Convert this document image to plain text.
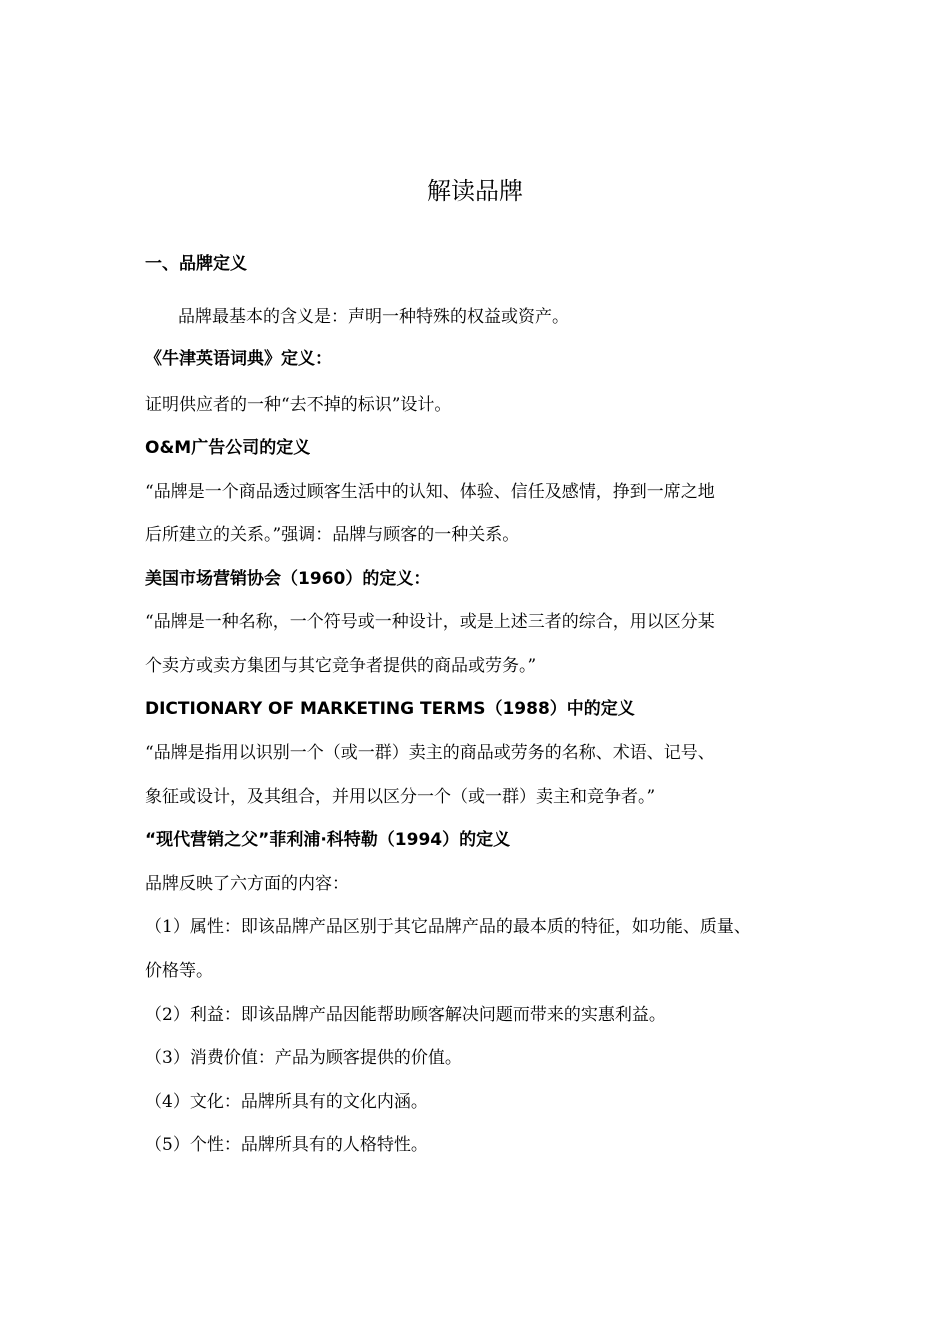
解读品牌
一、品牌定义
品牌最基本的含义是：声明一种特殊的权益或资产。
《牛津英语词典》定义：
证明供应者的一种“去不掉的标识”设计。
O&M广告公司的定义
“品牌是一个商品透过顾客生活中的认知、体验、信任及感情，挣到一席之地
后所建立的关系。”强调：品牌与顾客的一种关系。
美国市场营销协会（1960）的定义：
“品牌是一种名称，一个符号或一种设计，或是上述三者的综合，用以区分某
个卖方或卖方集团与其它竞争者提供的商品或劳务。”
DICTIONARY OF MARKETING TERMS（1988）中的定义
“品牌是指用以识别一个（或一群）卖主的商品或劳务的名称、术语、记号、
象征或设计，及其组合，并用以区分一个（或一群）卖主和竞争者。”
“现代营销之父”菲利浦·科特勒（1994）的定义
品牌反映了六方面的内容：
（1）属性：即该品牌产品区别于其它品牌产品的最本质的特征，如功能、质量、
价格等。
（2）利益：即该品牌产品因能帮助顾客解决问题而带来的实惠利益。
（3）消费价值：产品为顾客提供的价值。
（4）文化：品牌所具有的文化内涵。
（5）个性：品牌所具有的人格特性。
